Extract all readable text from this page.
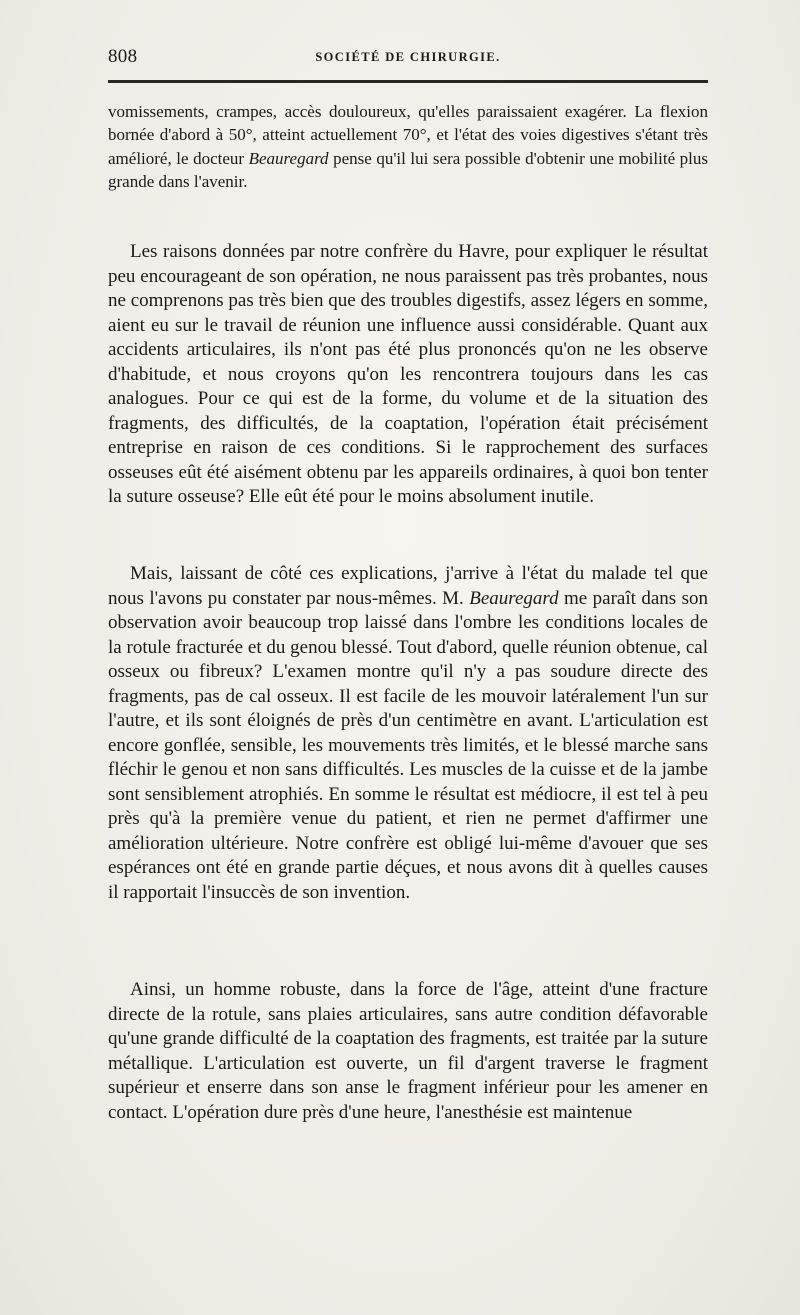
808	SOCIÉTÉ DE CHIRURGIE.
vomissements, crampes, accès douloureux, qu'elles paraissaient exagérer. La flexion bornée d'abord à 50°, atteint actuellement 70°, et l'état des voies digestives s'étant très amélioré, le docteur Beauregard pense qu'il lui sera possible d'obtenir une mobilité plus grande dans l'avenir.
Les raisons données par notre confrère du Havre, pour expliquer le résultat peu encourageant de son opération, ne nous paraissent pas très probantes, nous ne comprenons pas très bien que des troubles digestifs, assez légers en somme, aient eu sur le travail de réunion une influence aussi considérable. Quant aux accidents articulaires, ils n'ont pas été plus prononcés qu'on ne les observe d'habitude, et nous croyons qu'on les rencontrera toujours dans les cas analogues. Pour ce qui est de la forme, du volume et de la situation des fragments, des difficultés, de la coaptation, l'opération était précisément entreprise en raison de ces conditions. Si le rapprochement des surfaces osseuses eût été aisément obtenu par les appareils ordinaires, à quoi bon tenter la suture osseuse? Elle eût été pour le moins absolument inutile.
Mais, laissant de côté ces explications, j'arrive à l'état du malade tel que nous l'avons pu constater par nous-mêmes. M. Beauregard me paraît dans son observation avoir beaucoup trop laissé dans l'ombre les conditions locales de la rotule fracturée et du genou blessé. Tout d'abord, quelle réunion obtenue, cal osseux ou fibreux? L'examen montre qu'il n'y a pas soudure directe des fragments, pas de cal osseux. Il est facile de les mouvoir latéralement l'un sur l'autre, et ils sont éloignés de près d'un centimètre en avant. L'articulation est encore gonflée, sensible, les mouvements très limités, et le blessé marche sans fléchir le genou et non sans difficultés. Les muscles de la cuisse et de la jambe sont sensiblement atrophiés. En somme le résultat est médiocre, il est tel à peu près qu'à la première venue du patient, et rien ne permet d'affirmer une amélioration ultérieure. Notre confrère est obligé lui-même d'avouer que ses espérances ont été en grande partie déçues, et nous avons dit à quelles causes il rapportait l'insuccès de son invention.
Ainsi, un homme robuste, dans la force de l'âge, atteint d'une fracture directe de la rotule, sans plaies articulaires, sans autre condition défavorable qu'une grande difficulté de la coaptation des fragments, est traitée par la suture métallique. L'articulation est ouverte, un fil d'argent traverse le fragment supérieur et enserre dans son anse le fragment inférieur pour les amener en contact. L'opération dure près d'une heure, l'anesthésie est maintenue
